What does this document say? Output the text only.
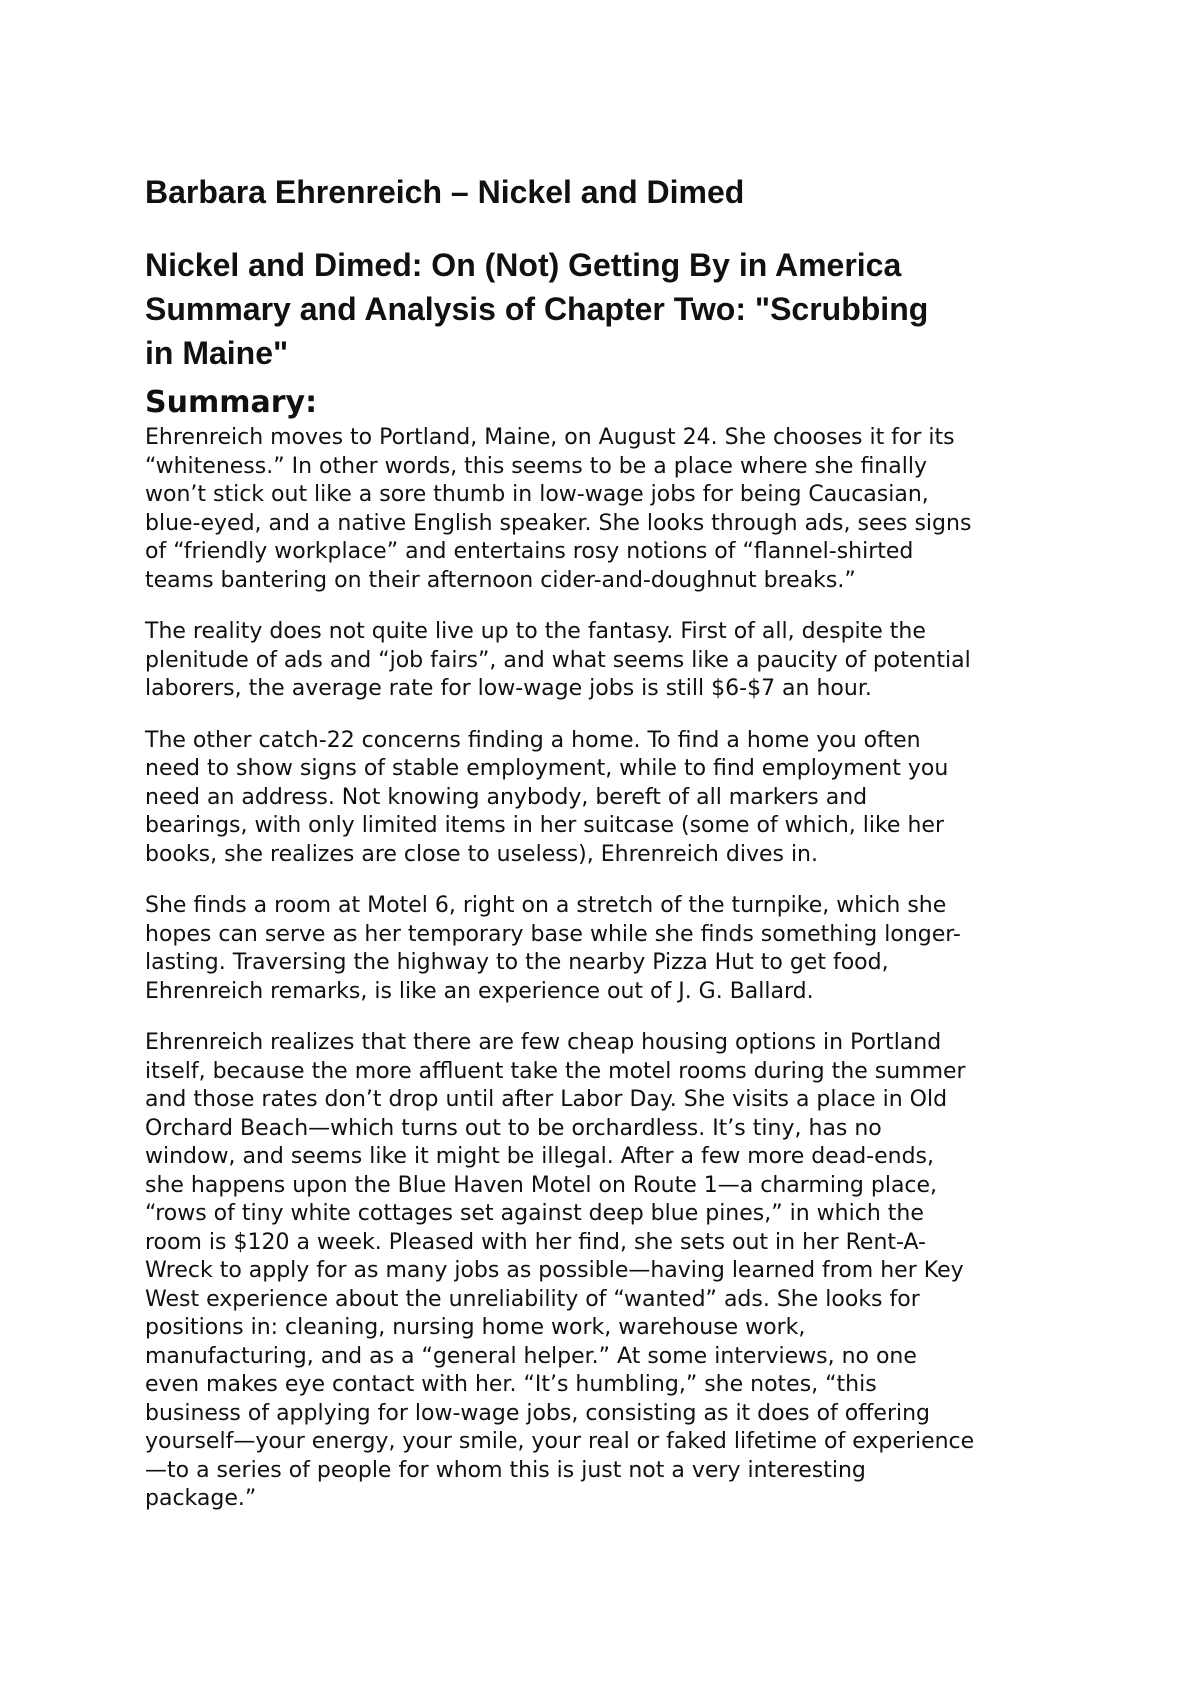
Barbara Ehrenreich – Nickel and Dimed
Nickel and Dimed: On (Not) Getting By in America
Summary and Analysis of Chapter Two: "Scrubbing
in Maine"
Summary:

Ehrenreich moves to Portland, Maine, on August 24. She chooses it for its
“whiteness.” In other words, this seems to be a place where she finally
won’t stick out like a sore thumb in low-wage jobs for being Caucasian,
blue-eyed, and a native English speaker. She looks through ads, sees signs
of “friendly workplace” and entertains rosy notions of “flannel-shirted
teams bantering on their afternoon cider-and-doughnut breaks.”

The reality does not quite live up to the fantasy. First of all, despite the
plenitude of ads and “job fairs”, and what seems like a paucity of potential
laborers, the average rate for low-wage jobs is still $6-$7 an hour.

The other catch-22 concerns finding a home. To find a home you often
need to show signs of stable employment, while to find employment you
need an address. Not knowing anybody, bereft of all markers and
bearings, with only limited items in her suitcase (some of which, like her
books, she realizes are close to useless), Ehrenreich dives in.

She finds a room at Motel 6, right on a stretch of the turnpike, which she
hopes can serve as her temporary base while she finds something longer-
lasting. Traversing the highway to the nearby Pizza Hut to get food,
Ehrenreich remarks, is like an experience out of J. G. Ballard.

Ehrenreich realizes that there are few cheap housing options in Portland
itself, because the more affluent take the motel rooms during the summer
and those rates don’t drop until after Labor Day. She visits a place in Old
Orchard Beach—which turns out to be orchardless. It’s tiny, has no
window, and seems like it might be illegal. After a few more dead-ends,
she happens upon the Blue Haven Motel on Route 1—a charming place,
“rows of tiny white cottages set against deep blue pines,” in which the
room is $120 a week. Pleased with her find, she sets out in her Rent-A-
Wreck to apply for as many jobs as possible—having learned from her Key
West experience about the unreliability of “wanted” ads. She looks for
positions in: cleaning, nursing home work, warehouse work,
manufacturing, and as a “general helper.” At some interviews, no one
even makes eye contact with her. “It’s humbling,” she notes, “this
business of applying for low-wage jobs, consisting as it does of offering
yourself—your energy, your smile, your real or faked lifetime of experience
—to a series of people for whom this is just not a very interesting
package.”
